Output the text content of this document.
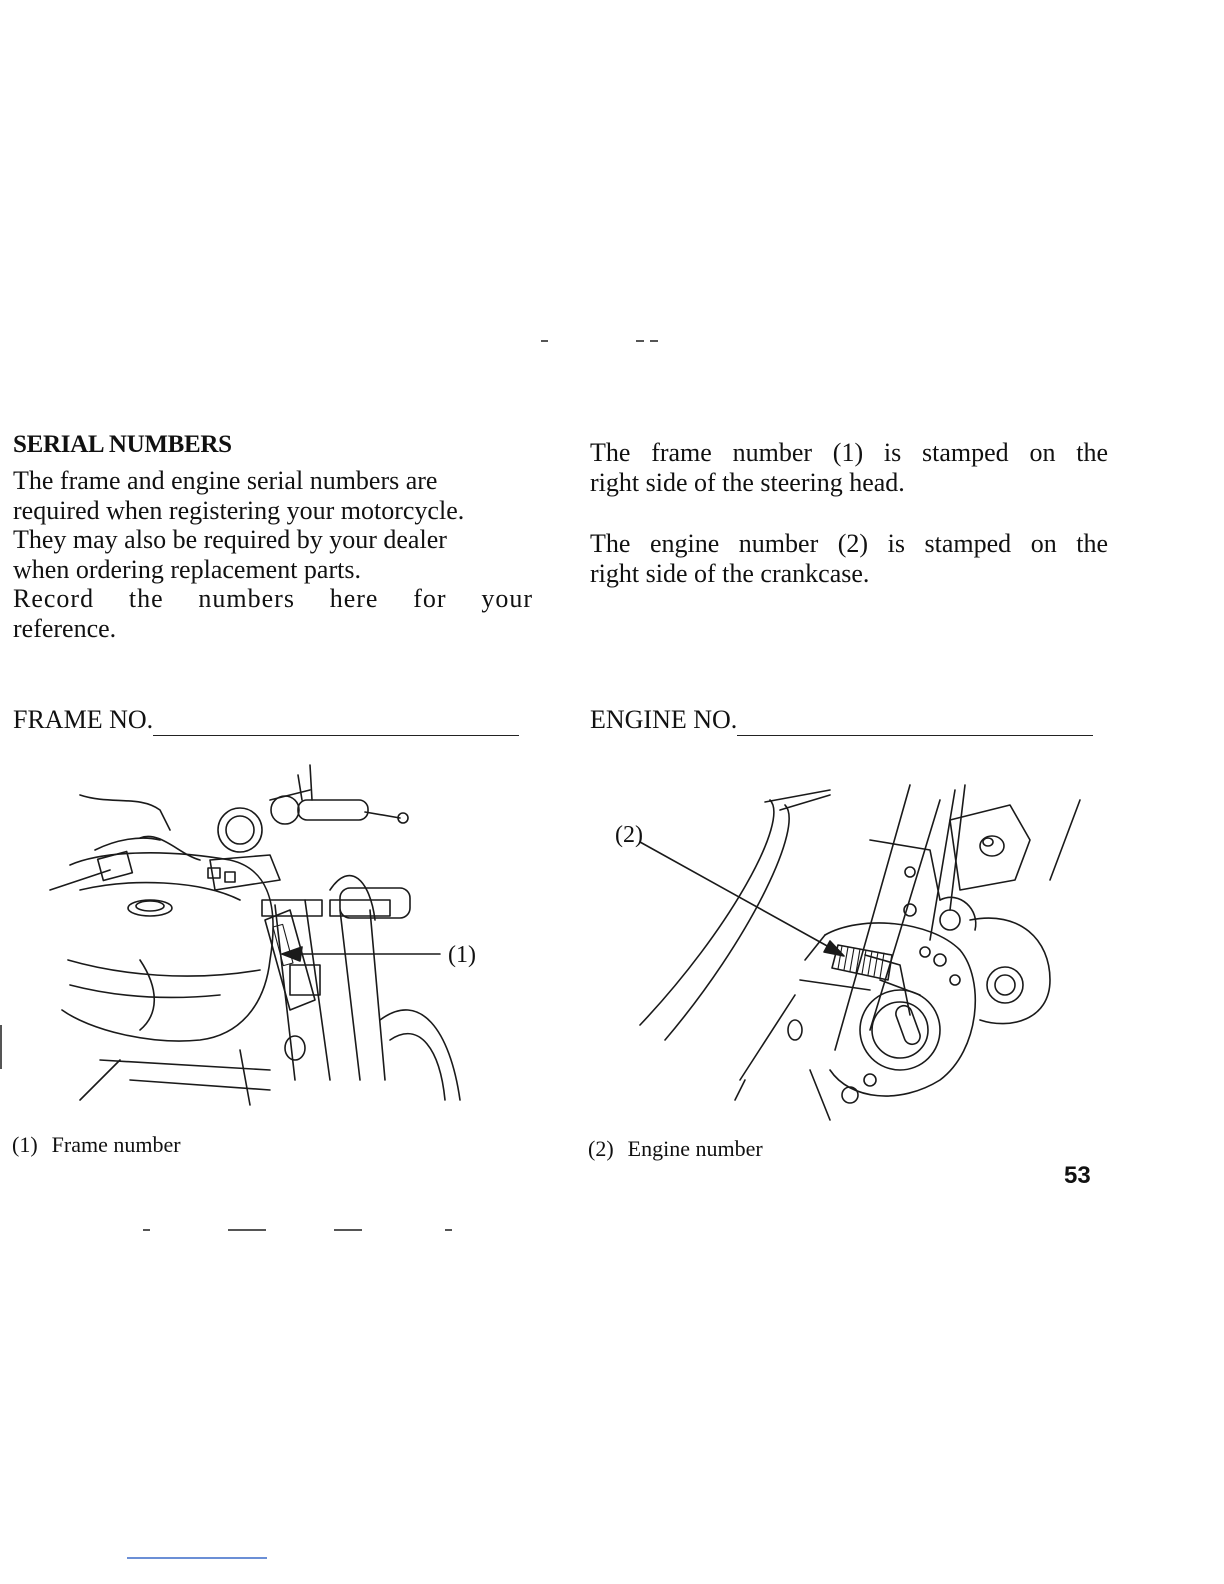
SERIAL NUMBERS
The frame and engine serial numbers are
required when registering your motorcycle.
They may also be required by your dealer
when ordering replacement parts.
Record the numbers here for your
reference.
The frame number (1) is stamped on the
right side of the steering head.
The engine number (2) is stamped on the
right side of the crankcase.
FRAME NO.	ENGINE NO.
(1)
(1) Frame number
(2)
(2) Engine number
53
